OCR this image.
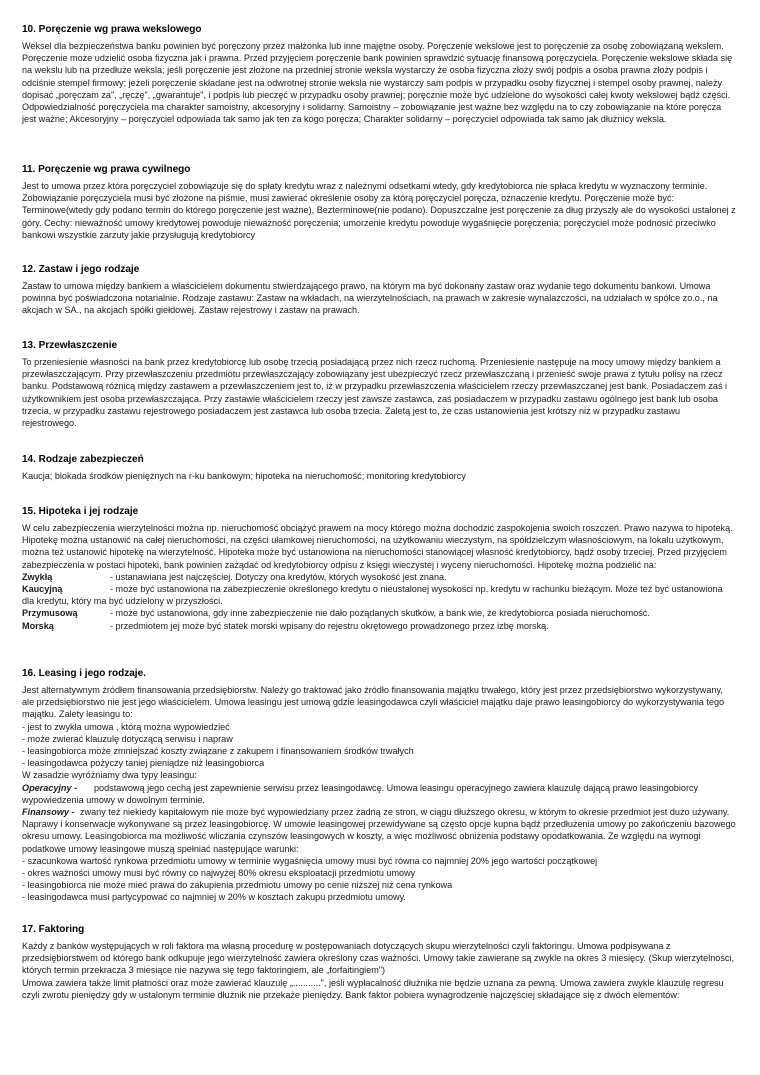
10. Poręczenie wg prawa wekslowego

Weksel dla bezpieczeństwa banku powinien być poręczony przez małżonka lub inne majętne osoby. Poręczenie wekslowe jest to poręczenie za osobę zobowiązaną wekslem. Poręczenie może udzielić osoba fizyczna jak i prawna. Przed przyjęciem poręczenie bank powinien sprawdzić sytuację finansową poręczyciela. Poręczenie wekslowe składa się na wekslu lub na przedłuże weksla; jeśli poręczenie jest złożone na przedniej stronie weksla wystarczy że osoba fizyczna złoży swój podpis a osoba prawna złoży podpis i odciśnie stempel firmowy; jeżeli poręczenie składane jest na odwrotnej stronie weksla nie wystarczy sam podpis w przypadku osoby fizycznej i stempel osoby prawnej, należy dopisać „poręczam za", „ręczę", „gwarantuje", i podpis lub pieczęć w przypadku osoby prawnej; poręcznie może być udzielone do wysokości całej kwoty wekslowej bądź części. Odpowiedzialność poręczyciela ma charakter samoistny, akcesoryjny i solidarny. Samoistny – zobowiązanie jest ważne bez względu na to czy zobowiązanie na które poręcza jest ważne; Akcesoryjny – poręczyciel odpowiada tak samo jak ten za kogo poręcza; Charakter solidarny – poręczyciel odpowiada tak samo jak dłużnicy weksla.

11. Poręczenie wg prawa cywilnego

Jest to umowa przez która poręczyciel zobowiązuje się do spłaty kredytu wraz z należnymi odsetkami wtedy, gdy kredytobiorca nie spłaca kredytu w wyznaczony terminie. Zobowiązanie poręczyciela musi być złożone na piśmie, musi zawierać określenie osoby za którą poręczyciel poręcza, oznaczenie kredytu. Poręczenie może być: Terminowe(wtedy gdy podano termin do którego poręczenie jest ważne), Bezterminowe(nie podano). Dopuszczalne jest poręczenie za dług przyszły ale do wysokości ustalonej z góry. Cechy: nieważność umowy kredytowej powoduje nieważność poręczenia; umorzenie kredytu powoduje wygaśnięcie poręczenia; poręczyciel może podnosić przeciwko bankowi wszystkie zarzuty jakie przysługują kredytobiorcy

12. Zastaw i jego rodzaje

Zastaw to umowa między bankiem a właścicielem dokumentu stwierdzającego prawo, na którym ma być dokonany zastaw oraz wydanie tego dokumentu bankowi. Umowa powinna być poświadczona notarialnie. Rodzaje zastawu: Zastaw na wkładach, na wierzytelnościach, na prawach w zakresie wynalazczości, na udziałach w spółce zo.o., na akcjach w SA., na akcjach spółki giełdowej. Zastaw rejestrowy i zastaw na prawach.

13. Przewłaszczenie

To przeniesienie własności na bank przez kredytobiorcę lub osobę trzecią posiadającą przez nich rzecz ruchomą. Przeniesienie następuje na mocy umowy między bankiem a przewłaszczającym. Przy przewłaszczeniu przedmiotu przewłaszczający zobowiązany jest ubezpieczyć rzecz przewłaszczaną i przenieść swoje prawa z tytułu polisy na rzecz banku. Podstawową różnicą między zastawem a przewłaszczeniem jest to, iż w przypadku przewłaszczenia właścicielem rzeczy przewłaszczanej jest bank. Posiadaczem zaś i użytkownikiem jest osoba przewłaszczająca. Przy zastawie właścicielem rzeczy jest zawsze zastawca, zaś posiadaczem w przypadku zastawu ogólnego jest bank lub osoba trzecia, w przypadku zastawu rejestrowego posiadaczem jest zastawca lub osoba trzecia. Zaletą jest to, że czas ustanowienia jest krótszy niż w przypadku zastawu rejestrowego.

14. Rodzaje zabezpieczeń

Kaucja; blokada środków pieniężnych na r-ku bankowym; hipoteka na nieruchomość; monitoring kredytobiorcy

15. Hipoteka i jej rodzaje

W celu zabezpieczenia wierzytelności można np. nieruchomość obciążyć prawem na mocy którego można dochodzić zaspokojenia swoich roszczeń. Prawo nazywa to hipoteką. Hipotekę można ustanowić na całej nieruchomości, na części ułamkowej nieruchomości, na użytkowaniu wieczystym, na spółdzielczym własnościowym, na lokalu użytkowym, można też ustanowić hipotekę na wierzytelność. Hipoteka może być ustanowiona na nieruchomości stanowiącej własność kredytobiorcy, bądź osoby trzeciej. Przed przyjęciem zabezpieczenia w postaci hipoteki, bank powinien zażądać od kredytobiorcy odpisu z księgi wieczystej i wyceny nieruchomości. Hipotekę można podzielić na:

Zwykłą	- ustanawiana jest najczęściej. Dotyczy ona kredytów, których wysokość jest znana.
Kaucyjną	- może być ustanowiona na zabezpieczenie określonego kredytu o nieustalonej wysokości np. kredytu w rachunku bieżącym. Może też być ustanowiona dla kredytu, który ma być udzielony w przyszłości.
Przymusową	- może być ustanowiona, gdy inne zabezpieczenie nie dało pożądanych skutków, a bank wie, że kredytobiorca posiada nieruchomość.
Morską	- przedmiotem jej może być statek morski wpisany do rejestru okrętowego prowadzonego przez izbę morską.
16. Leasing i jego rodzaje.

Jest alternatywnym źródłem finansowania przedsiębiorstw. Należy go traktować jako źródło finansowania majątku trwałego, który jest przez przedsiębiorstwo wykorzystywany, ale przedsiębiorstwo nie jest jego właścicielem. Umowa leasingu jest umową gdzie leasingodawca czyli właściciel majątku daje prawo leasingobiorcy do wykorzystywania tego majątku. Zalety leasingu to:

- jest to zwykła umowa , którą można wypowiedzieć
- może zwierać klauzulę dotyczącą serwisu i napraw
- leasingobiorca może zmniejszać koszty związane z zakupem i finansowaniem środków trwałych
- leasingodawca pożyczy taniej pieniądze niż leasingobiorca
W zasadzie wyróżniamy dwa typy leasingu:

Operacyjny - podstawową jego cechą jest zapewnienie serwisu przez leasingodawcę. Umowa leasingu operacyjnego zawiera klauzulę dającą prawo leasingobiorcy wypowiedzenia umowy w dowolnym terminie.

Finansowy - zwany też niekiedy kapitałowym nie może być wypowiedziany przez żadną ze stron, w ciągu dłuższego okresu, w którym to okresie przedmiot jest dużo używany. Naprawy i konserwacje wykonywane są przez leasingobiorcę. W umowie leasingowej przewidywane są często opcje kupna bądź przedłużenia umowy po zakończeniu bazowego okresu umowy. Leasingobiorca ma możliwość wliczania czynszów leasingowych w koszty, a więc możliwość obniżenia podstawy opodatkowania. Ze względu na wymogi podatkowe umowy leasingowe muszą spełniać następujące warunki:

- szacunkowa wartość rynkowa przedmiotu umowy w terminie wygaśnięcia umowy musi być równa co najmniej 20% jego wartości początkowej
- okres ważności umowy musi być równy co najwyżej 80% okresu eksploatacji przedmiotu umowy
- leasingobiorca nie może mieć prawa do zakupienia przedmiotu umowy po cenie niższej niż cena rynkowa
- leasingodawca musi partycypować co najmniej w 20% w kosztach zakupu przedmiotu umowy.
17. Faktoring

Każdy z banków występujących w roli faktora ma własną procedurę w postępowaniach dotyczących skupu wierzytelności czyli faktoringu. Umowa podpisywana z przedsiębiorstwem od którego bank odkupuje jego wierzytelność zawiera określony czas ważności. Umowy takie zawierane są zwykle na okres 3 miesięcy. (Skup wierzytelności, których termin przekracza 3 miesiące nie nazywa się tego faktoringiem, ale „forfaitingiem")

Umowa zawiera także limit płatności oraz może zawierać klauzulę „...........", jeśli wypłacalność dłużnika nie będzie uznana za pewną. Umowa zawiera zwykle klauzulę regresu czyli zwrotu pieniędzy gdy w ustalonym terminie dłużnik nie przekaże pieniędzy. Bank faktor pobiera wynagrodzenie najczęściej składające się z dwóch elementów:
